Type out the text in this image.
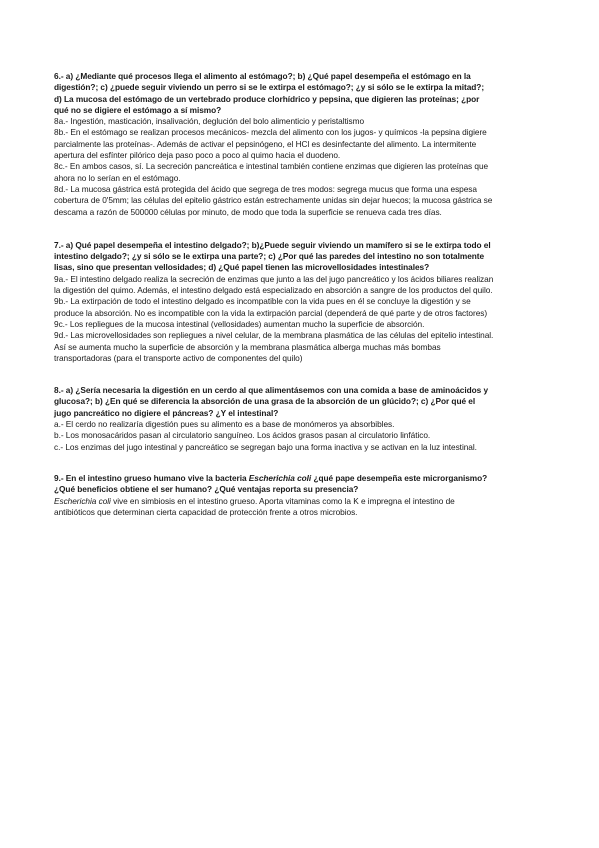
6.- a) ¿Mediante qué procesos llega el alimento al estómago?; b) ¿Qué papel desempeña el estómago en la digestión?; c) ¿puede seguir viviendo un perro si se le extirpa el estómago?; ¿y si sólo se le extirpa la mitad?; d) La mucosa del estómago de un vertebrado produce clorhídrico y pepsina, que digieren las proteínas; ¿por qué no se digiere el estómago a sí mismo?

8a.- Ingestión, masticación, insalivación, deglución del bolo alimenticio y peristaltismo

8b.- En el estómago se realizan procesos mecánicos- mezcla del alimento con los jugos- y químicos -la pepsina digiere parcialmente las proteínas-. Además de activar el pepsinógeno, el HCl es desinfectante del alimento. La intermitente apertura del esfínter pilórico deja paso poco a poco al quimo hacia el duodeno.

8c.- En ambos casos, sí. La secreción pancreática e intestinal también contiene enzimas que digieren las proteínas que ahora no lo serían en el estómago.

8d.- La mucosa gástrica está protegida del ácido que segrega de tres modos: segrega mucus que forma una espesa cobertura de 0'5mm; las células del epitelio gástrico están estrechamente unidas sin dejar huecos; la mucosa gástrica se descama a razón de 500000 células por minuto, de modo que toda la superficie se renueva cada tres días.

7.- a) Qué papel desempeña el intestino delgado?; b)¿Puede seguir viviendo un mamífero si se le extirpa todo el intestino delgado?; ¿y si sólo se le extirpa una parte?; c) ¿Por qué las paredes del intestino no son totalmente lisas, sino que presentan vellosidades; d) ¿Qué papel tienen las microvellosidades intestinales?

9a.- El intestino delgado realiza la secreción de enzimas que junto a las del jugo pancreático y los ácidos biliares realizan la digestión del quimo. Además, el intestino delgado está especializado en absorción a sangre de los productos del quilo.

9b.- La extirpación de todo el intestino delgado es incompatible con la vida pues en él se concluye la digestión y se produce la absorción. No es incompatible con la vida la extirpación parcial (dependerá de qué parte y de otros factores)

9c.- Los repliegues de la mucosa intestinal (vellosidades) aumentan mucho la superficie de absorción.

9d.- Las microvellosidades son repliegues a nivel celular, de la membrana plasmática de las células del epitelio intestinal. Así se aumenta mucho la superficie de absorción y la membrana plasmática alberga muchas más bombas transportadoras (para el transporte activo de componentes del quilo)

8.- a) ¿Sería necesaria la digestión en un cerdo al que alimentásemos con una comida a base de aminoácidos y glucosa?; b) ¿En qué se diferencia la absorción de una grasa de la absorción de un glúcido?; c) ¿Por qué el jugo pancreático no digiere el páncreas? ¿Y el intestinal?

a.- El cerdo no realizaría digestión pues su alimento es a base de monómeros ya absorbibles.

b.- Los monosacáridos pasan al circulatorio sanguíneo. Los ácidos grasos pasan al circulatorio linfático.

c.- Los enzimas del jugo intestinal y pancreático se segregan bajo una forma inactiva y se activan en la luz intestinal.

9.- En el intestino grueso humano vive la bacteria Escherichia coli ¿qué pape desempeña este microrganismo? ¿Qué beneficios obtiene el ser humano? ¿Qué ventajas reporta su presencia?

Escherichia coli vive en simbiosis en el intestino grueso. Aporta vitaminas como la K e impregna el intestino de antibióticos que determinan cierta capacidad de protección frente a otros microbios.
